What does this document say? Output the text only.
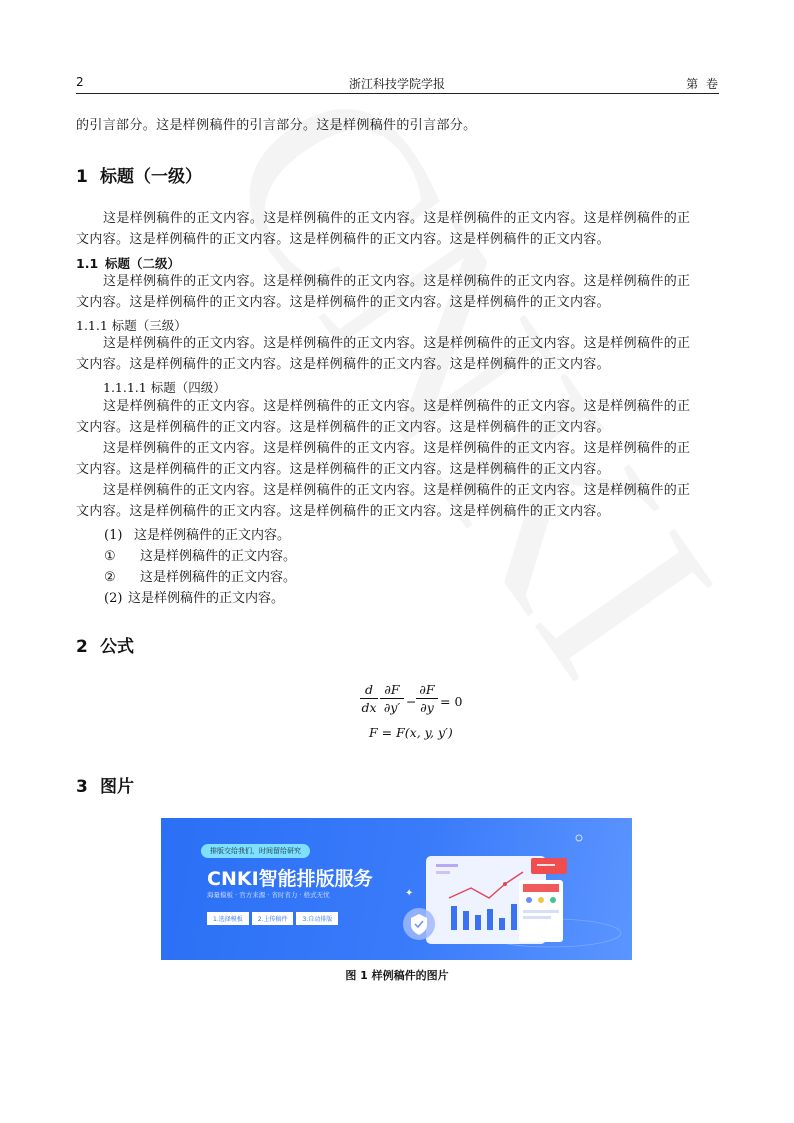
2	浙江科技学院学报	第 卷
的引言部分。这是样例稿件的引言部分。这是样例稿件的引言部分。
1 标题（一级）
这是样例稿件的正文内容。这是样例稿件的正文内容。这是样例稿件的正文内容。这是样例稿件的正
文内容。这是样例稿件的正文内容。这是样例稿件的正文内容。这是样例稿件的正文内容。
1.1 标题（二级）
这是样例稿件的正文内容。这是样例稿件的正文内容。这是样例稿件的正文内容。这是样例稿件的正
文内容。这是样例稿件的正文内容。这是样例稿件的正文内容。这是样例稿件的正文内容。
1.1.1 标题（三级）
这是样例稿件的正文内容。这是样例稿件的正文内容。这是样例稿件的正文内容。这是样例稿件的正
文内容。这是样例稿件的正文内容。这是样例稿件的正文内容。这是样例稿件的正文内容。
1.1.1.1 标题（四级）
这是样例稿件的正文内容。这是样例稿件的正文内容。这是样例稿件的正文内容。这是样例稿件的正
文内容。这是样例稿件的正文内容。这是样例稿件的正文内容。这是样例稿件的正文内容。
这是样例稿件的正文内容。这是样例稿件的正文内容。这是样例稿件的正文内容。这是样例稿件的正
文内容。这是样例稿件的正文内容。这是样例稿件的正文内容。这是样例稿件的正文内容。
这是样例稿件的正文内容。这是样例稿件的正文内容。这是样例稿件的正文内容。这是样例稿件的正
文内容。这是样例稿件的正文内容。这是样例稿件的正文内容。这是样例稿件的正文内容。
(1) 这是样例稿件的正文内容。
① 这是样例稿件的正文内容。
② 这是样例稿件的正文内容。
(2) 这是样例稿件的正文内容。
2 公式
d
dx
∂F
∂y′ −
∂F
∂y = 0
F = F(x, y, y′)
3 图片
排版交给我们，时间留给研究
CNKI智能排版服务
海量模板 · 官方来源 · 省时省力 · 格式无忧
1.选择模板	2.上传稿件	3.自动排版
✦
图 1 样例稿件的图片
